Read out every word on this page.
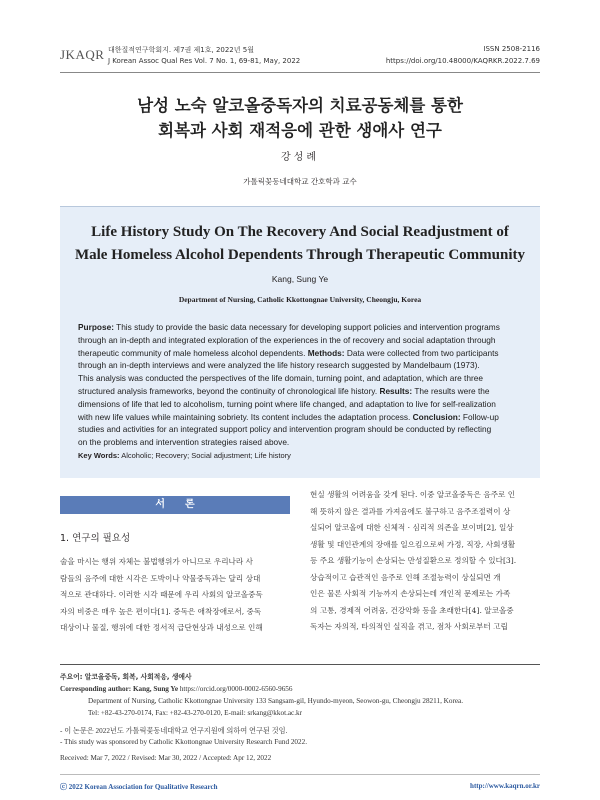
JKAQR 대한질적연구학회지. 제7권 제1호, 2022년 5월
J Korean Assoc Qual Res Vol. 7 No. 1, 69-81, May, 2022
ISSN 2508-2116
https://doi.org/10.48000/KAQRKR.2022.7.69
남성 노숙 알코올중독자의 치료공동체를 통한
회복과 사회 재적응에 관한 생애사 연구
강성례
가톨릭꽃동네대학교 간호학과 교수
Life History Study On The Recovery And Social Readjustment of
Male Homeless Alcohol Dependents Through Therapeutic Community
Kang, Sung Ye
Department of Nursing, Catholic Kkottongnae University, Cheongju, Korea
Purpose: This study to provide the basic data necessary for developing support policies and intervention programs
through an in-depth and integrated exploration of the experiences in the of recovery and social adaptation through
therapeutic community of male homeless alcohol dependents. Methods: Data were collected from two participants
through an in-depth interviews and were analyzed the life history research suggested by Mandelbaum (1973).
This analysis was conducted the perspectives of the life domain, turning point, and adaptation, which are three
structured analysis frameworks, beyond the continuity of chronological life history. Results: The results were the
dimensions of life that led to alcoholism, turning point where life changed, and adaptation to live for self-realization
with new life values while maintaining sobriety. Its content includes the adaptation process. Conclusion: Follow-up
studies and activities for an integrated support policy and intervention program should be conducted by reflecting
on the problems and intervention strategies raised above.
Key Words: Alcoholic; Recovery; Social adjustment; Life history
서론
1. 연구의 필요성
술을 마시는 행위 자체는 불법행위가 아니므로 우리나라 사
람들의 음주에 대한 시각은 도박이나 약물중독과는 달리 상대
적으로 관대하다. 이러한 시각 때문에 우리 사회의 알코올중독
자의 비중은 매우 높은 편이다[1]. 중독은 애착장애로서, 중독
대상이나 물질, 행위에 대한 정서적 급단현상과 내성으로 인해
현실 생활의 어려움을 갖게 된다. 이중 알코올중독은 음주로 인
해 뜻하지 않은 결과를 가져옴에도 불구하고 음주조절력이 상
실되어 알코올에 대한 신체적 · 심리적 의존을 보이며[2], 일상
생활 및 대인관계의 장애를 일으킴으로써 가정, 직장, 사회생활
등 주요 생활기능이 손상되는 만성질환으로 정의할 수 있다[3].
상습적이고 습관적인 음주로 인해 조절능력이 상실되면 개
인은 물론 사회적 기능까지 손상되는데 개인적 문제로는 가족
의 고통, 경제적 어려움, 건강악화 등을 초래한다[4]. 알코올중
독자는 자의적, 타의적인 실직을 겪고, 점차 사회로부터 고립
주요어: 알코올중독, 회복, 사회적응, 생애사
Corresponding author: Kang, Sung Ye https://orcid.org/0000-0002-6560-9656
Department of Nursing, Catholic Kkottongnae University 133 Sangsam-gil, Hyundo-myeon, Seowon-gu, Cheongju 28211, Korea.
Tel: +82-43-270-0174, Fax: +82-43-270-0120, E-mail: srkang@kkot.ac.kr
- 이 논문은 2022년도 가톨릭꽃동네대학교 연구지원에 의하여 연구된 것임.
- This study was sponsored by Catholic Kkottongnae University Research Fund 2022.
Received: Mar 7, 2022 / Revised: Mar 30, 2022 / Accepted: Apr 12, 2022
ⓒ 2022 Korean Association for Qualitative Research	http://www.kaqrn.or.kr
